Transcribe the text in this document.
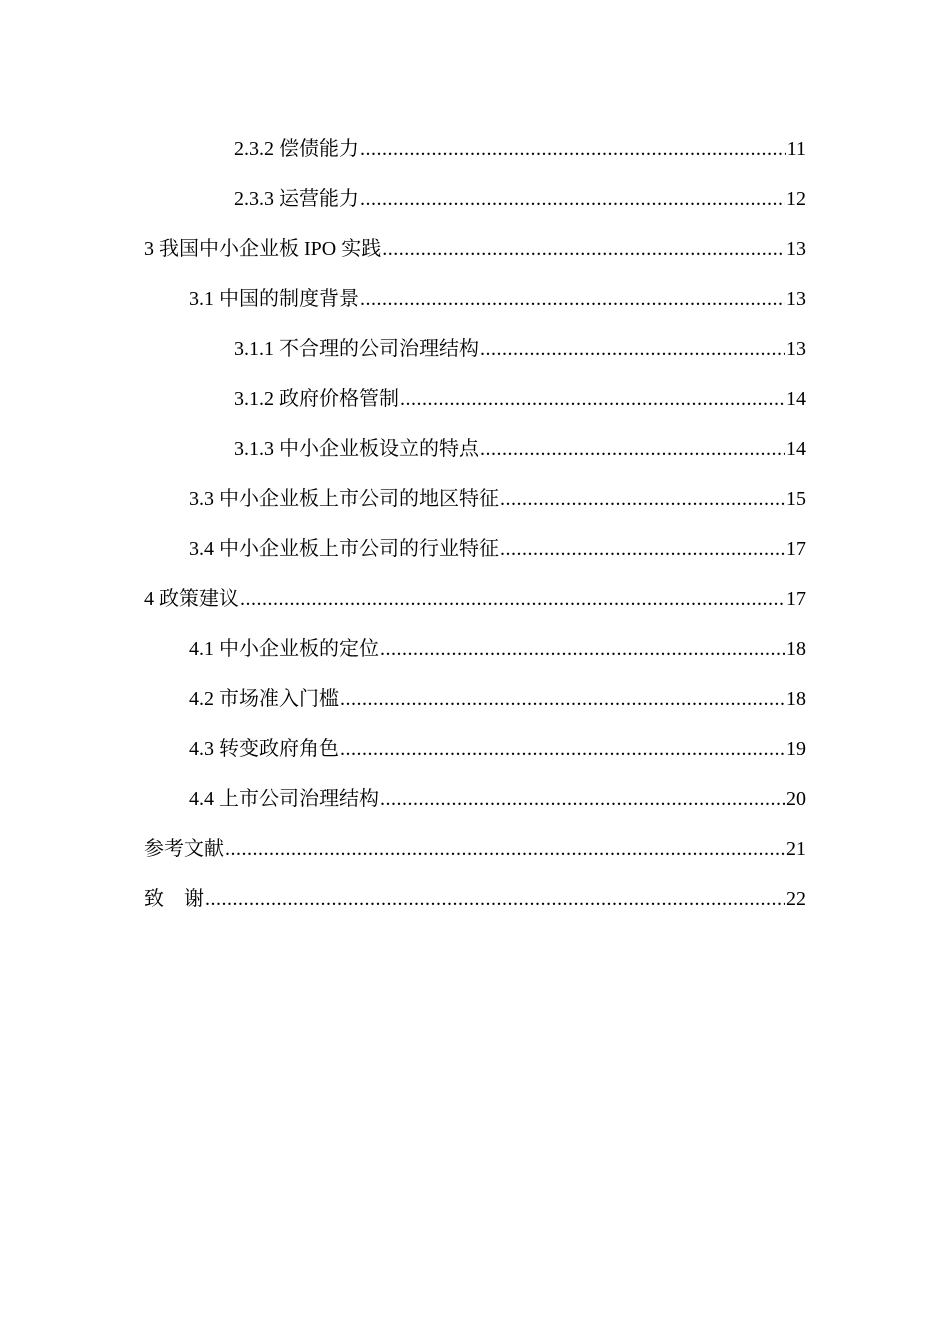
2.3.2 偿债能力 .....	11
2.3.3 运营能力 .....	12
3 我国中小企业板 IPO 实践 .....	13
3.1 中国的制度背景 .....	13
3.1.1 不合理的公司治理结构 .....	13
3.1.2 政府价格管制 .....	14
3.1.3 中小企业板设立的特点 .....	14
3.3 中小企业板上市公司的地区特征 .....	15
3.4 中小企业板上市公司的行业特征 .....	17
4 政策建议 .....	17
4.1 中小企业板的定位 .....	18
4.2 市场准入门槛 .....	18
4.3 转变政府角色 .....	19
4.4 上市公司治理结构 .....	20
参考文献 .....	21
致　谢 .....	22
